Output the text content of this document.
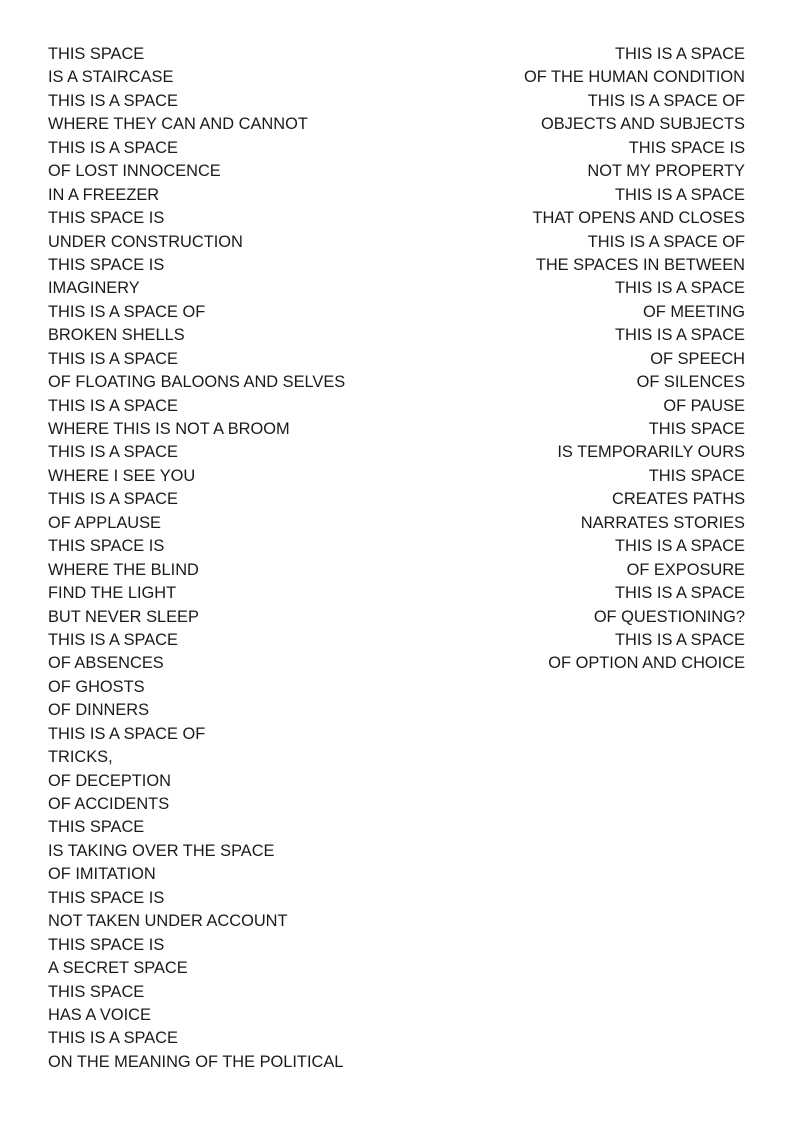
THIS SPACE
IS A STAIRCASE
THIS IS A SPACE
WHERE THEY CAN AND CANNOT
THIS IS A SPACE
OF LOST INNOCENCE
IN A FREEZER
THIS SPACE IS
UNDER CONSTRUCTION
THIS SPACE IS
IMAGINERY
THIS IS A SPACE OF
BROKEN SHELLS
THIS IS A SPACE
OF FLOATING BALOONS AND SELVES
THIS IS A SPACE
WHERE THIS IS NOT A BROOM
THIS IS A SPACE
WHERE I SEE YOU
THIS IS A SPACE
OF APPLAUSE
THIS SPACE IS
WHERE THE BLIND
FIND THE LIGHT
BUT NEVER SLEEP
THIS IS A SPACE
OF ABSENCES
OF GHOSTS
OF DINNERS
THIS IS A SPACE OF
TRICKS,
OF DECEPTION
OF ACCIDENTS
THIS SPACE
IS TAKING OVER THE SPACE
OF IMITATION
THIS SPACE IS
NOT TAKEN UNDER ACCOUNT
THIS SPACE IS
A SECRET SPACE
THIS SPACE
HAS A VOICE
THIS IS A SPACE
ON THE MEANING OF THE POLITICAL
THIS IS A SPACE
OF THE HUMAN CONDITION
THIS IS A SPACE OF
OBJECTS AND SUBJECTS
THIS SPACE IS
NOT MY PROPERTY
THIS IS A SPACE
THAT OPENS AND CLOSES
THIS IS A SPACE OF
THE SPACES IN BETWEEN
THIS IS A SPACE
OF MEETING
THIS IS A SPACE
OF SPEECH
OF SILENCES
OF PAUSE
THIS SPACE
IS TEMPORARILY OURS
THIS SPACE
CREATES PATHS
NARRATES STORIES
THIS IS A SPACE
OF EXPOSURE
THIS IS A SPACE
OF QUESTIONING?
THIS IS A SPACE
OF OPTION AND CHOICE
